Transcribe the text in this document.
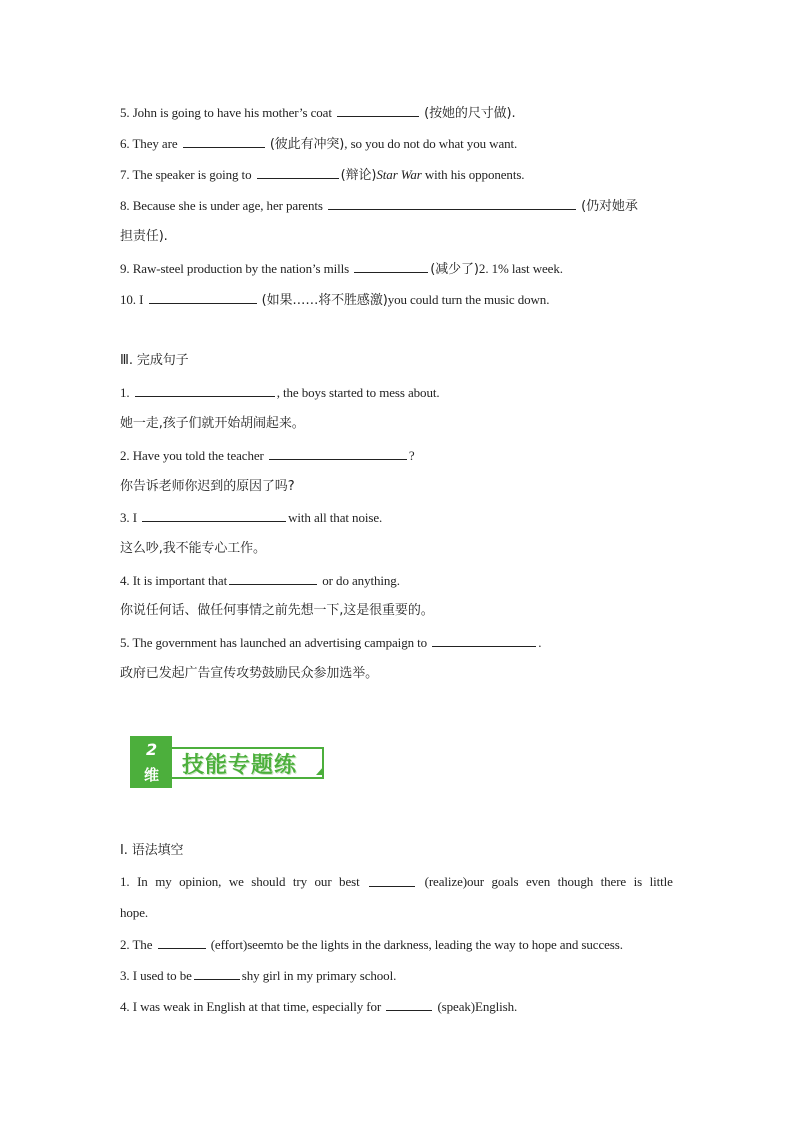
5. John is going to have his mother’s coat	(按她的尺寸做).
6. They are	(彼此有冲突), so you do not do what you want.
7. The speaker is going to	(辩论)Star War with his opponents.
8. Because she is under age, her parents	(仍对她承
担责任).
9. Raw-steel production by the nation’s mills	(减少了)2. 1% last week.
10. I	(如果……将不胜感激)you could turn the music down.
Ⅲ. 完成句子
1.	, the boys started to mess about.
她一走,孩子们就开始胡闹起来。
2. Have you told the teacher	?
你告诉老师你迟到的原因了吗?
3. I	with all that noise.
这么吵,我不能专心工作。
4. It is important that	or do anything.
你说任何话、做任何事情之前先想一下,这是很重要的。
5. The government has launched an advertising campaign to	.
政府已发起广告宣传攻势鼓励民众参加选举。
2
维 技能专题练
I. 语法填空
1. In my opinion, we should try our best	(realize)our goals even though there is little
hope.
2. The	(effort)seemto be the lights in the darkness, leading the way to hope and success.
3. I used to be	shy girl in my primary school.
4. I was weak in English at that time, especially for	(speak)English.
